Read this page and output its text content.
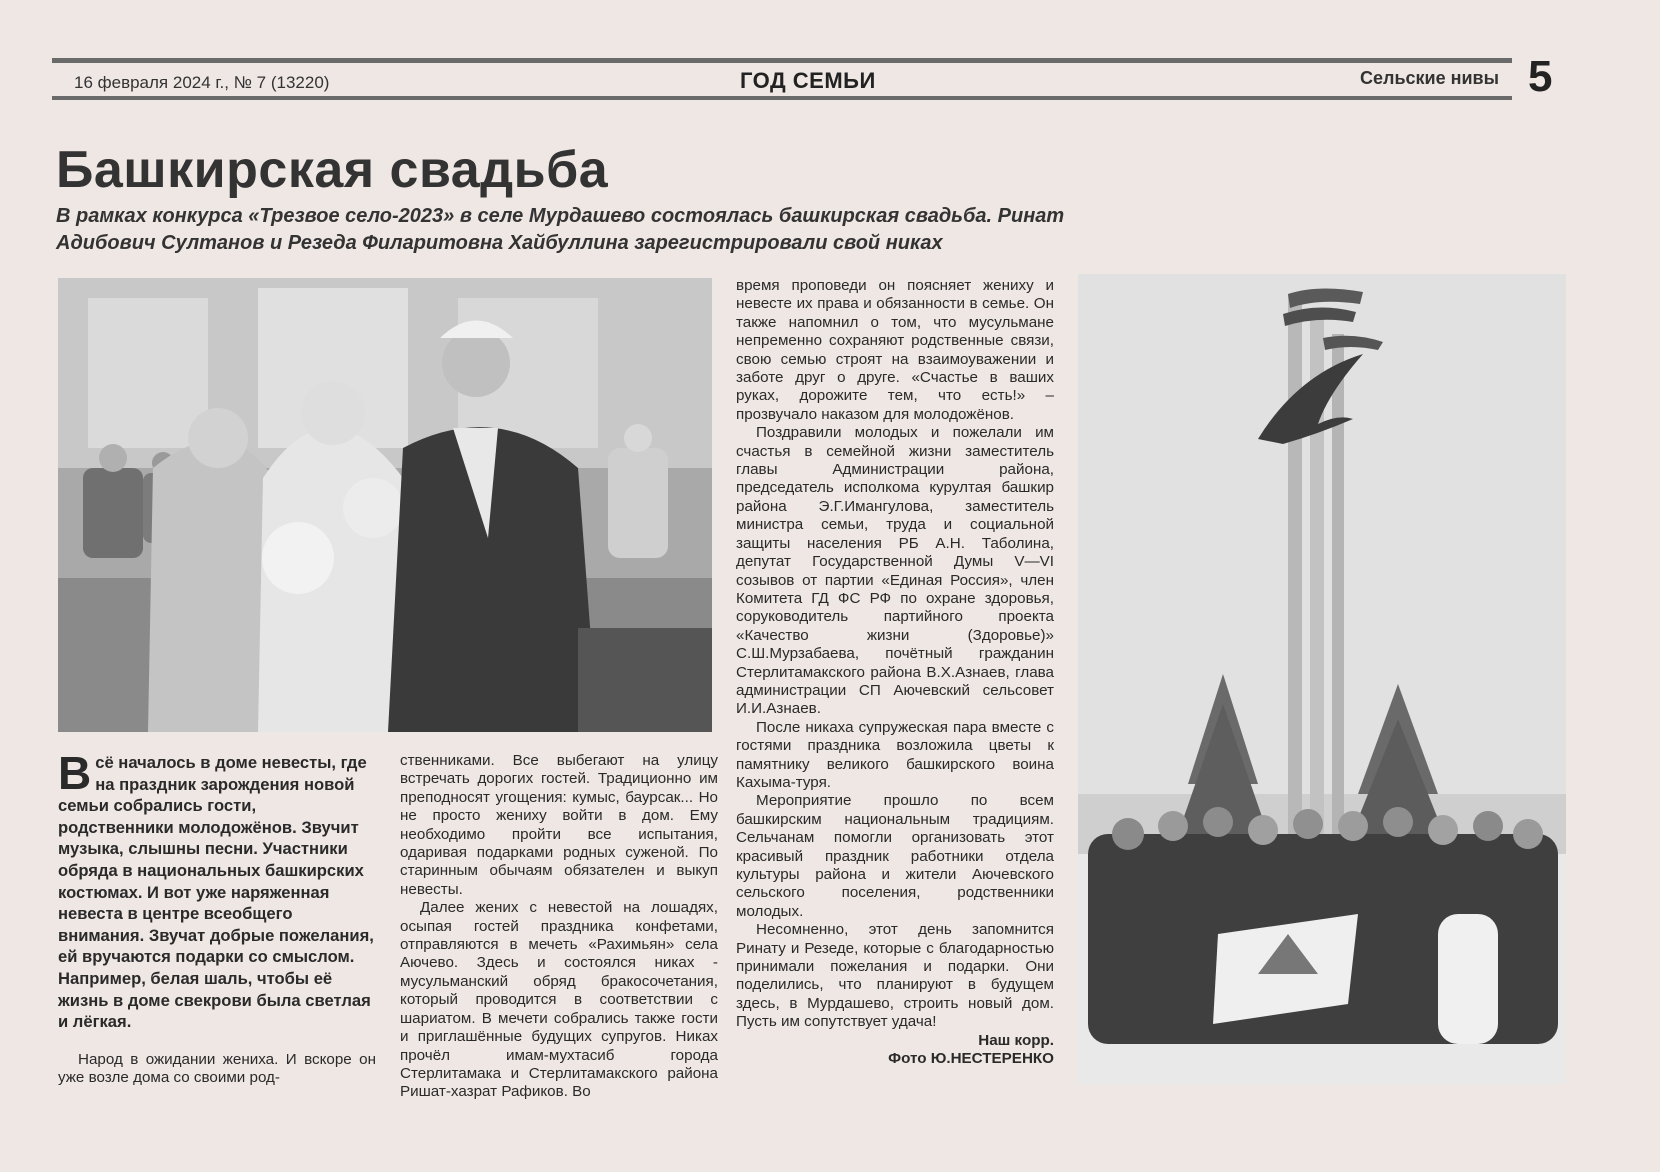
16 февраля 2024 г., № 7 (13220)	ГОД СЕМЬИ	Сельские нивы 5
Башкирская свадьба
В рамках конкурса «Трезвое село-2023» в селе Мурдашево состоялась башкирская свадьба. Ринат Адибович Султанов и Резеда Филаритовна Хайбуллина зарегистрировали свой никах
Всё началось в доме невесты, где на праздник зарождения новой семьи собрались гости, родственники молодожёнов. Звучит музыка, слышны песни. Участники обряда в национальных башкирских костюмах. И вот уже наряженная невеста в центре всеобщего внимания. Звучат добрые пожелания, ей вручаются подарки со смыслом. Например, белая шаль, чтобы её жизнь в доме свекрови была светлая и лёгкая.

Народ в ожидании жениха. И вскоре он уже возле дома со своими род-

ственниками. Все выбегают на улицу встречать дорогих гостей. Традиционно им преподносят угощения: кумыс, баурсак... Но не просто жениху войти в дом. Ему необходимо пройти все испытания, одаривая подарками родных суженой. По старинным обычаям обязателен и выкуп невесты.

Далее жених с невестой на лошадях, осыпая гостей праздника конфетами, отправляются в мечеть «Рахимьян» села Аючево. Здесь и состоялся никах - мусульманский обряд бракосочетания, который проводится в соответствии с шариатом. В мечети собрались также гости и приглашённые будущих супругов. Никах прочёл имам-мухтасиб города Стерлитамака и Стерлитамакского района Ришат-хазрат Рафиков. Во

время проповеди он поясняет жениху и невесте их права и обязанности в семье. Он также напомнил о том, что мусульмане непременно сохраняют родственные связи, свою семью строят на взаимоуважении и заботе друг о друге. «Счастье в ваших руках, дорожите тем, что есть!» – прозвучало наказом для молодожёнов.

Поздравили молодых и пожелали им счастья в семейной жизни заместитель главы Администрации района, председатель исполкома курултая башкир района Э.Г.Имангулова, заместитель министра семьи, труда и социальной защиты населения РБ А.Н. Таболина, депутат Государственной Думы V—VI созывов от партии «Единая Россия», член Комитета ГД ФС РФ по охране здоровья, соруководитель партийного проекта «Качество жизни (Здоровье)» С.Ш.Мурзабаева, почётный гражданин Стерлитамакского района В.Х.Азнаев, глава администрации СП Аючевский сельсовет И.И.Азнаев.

После никаха супружеская пара вместе с гостями праздника возложила цветы к памятнику великого башкирского воина Кахыма-туря.

Мероприятие прошло по всем башкирским национальным традициям. Сельчанам помогли организовать этот красивый праздник работники отдела культуры района и жители Аючевского сельского поселения, родственники молодых.

Несомненно, этот день запомнится Ринату и Резеде, которые с благодарностью принимали пожелания и подарки. Они поделились, что планируют в будущем здесь, в Мурдашево, строить новый дом. Пусть им сопутствует удача!

Наш корр.

Фото Ю.НЕСТЕРЕНКО
